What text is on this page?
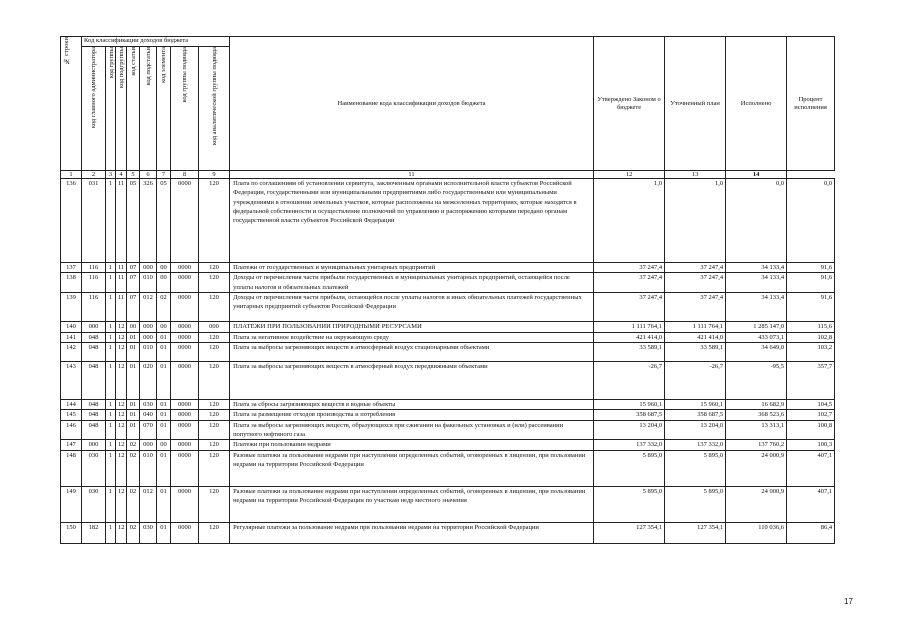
№ строки	Код классификации доходов бюджета								Наименование кода классификации доходов бюджета	Утверждено Законом о бюджете	Уточненный план	Исполнено	Процент исполнения
	код главного администратора	код группы	код подгруппы	код статьи	код подстатьи	код элемента	код группы подвида	код аналитической группы подвида					
1	2	3	4	5	6	7	8	9	11	12	13	14	
136	031	1	11	05	326	05	0000	120	Плата по соглашениям об установлении сервитута, заключенным органами исполнительной власти субъектов Российской Федерации, государственными или муниципальными предприятиями либо государственными или муниципальными учреждениями в отношении земельных участков, которые расположены на межселенных территориях, которые находятся в федеральной собственности и осуществление полномочий по управлению и распоряжению которыми передано органам государственной власти субъектов Российской Федерации	1,0	1,0	0,0	0,0
137	116	1	11	07	000	00	0000	120	Платежи от государственных и муниципальных унитарных предприятий	37 247,4	37 247,4	34 133,4	91,6
138	116	1	11	07	010	00	0000	120	Доходы от перечисления части прибыли государственных и муниципальных унитарных предприятий, остающейся после уплаты налогов и обязательных платежей	37 247,4	37 247,4	34 133,4	91,6
139	116	1	11	07	012	02	0000	120	Доходы от перечисления части прибыли, остающейся после уплаты налогов и иных обязательных платежей государственных унитарных предприятий субъектов Российской Федерации	37 247,4	37 247,4	34 133,4	91,6
140	000	1	12	00	000	00	0000	000	ПЛАТЕЖИ ПРИ ПОЛЬЗОВАНИИ ПРИРОДНЫМИ РЕСУРСАМИ	1 111 764,1	1 111 764,1	1 285 147,0	115,6
141	048	1	12	01	000	01	0000	120	Плата за негативное воздействие на окружающую среду	421 414,0	421 414,0	433 073,1	102,8
142	048	1	12	01	010	01	0000	120	Плата за выбросы загрязняющих веществ в атмосферный воздух стационарными объектами	33 589,1	33 589,1	34 649,0	103,2
143	048	1	12	01	020	01	0000	120	Плата за выбросы загрязняющих веществ в атмосферный воздух передвижными объектами	-26,7	-26,7	-95,5	357,7
144	048	1	12	01	030	01	0000	120	Плата за сбросы загрязняющих веществ в водные объекты	15 960,1	15 960,1	16 682,9	104,5
145	048	1	12	01	040	01	0000	120	Плата за размещение отходов производства и потребления	358 687,5	358 687,5	368 523,6	102,7
146	048	1	12	01	070	01	0000	120	Плата за выбросы загрязняющих веществ, образующихся при сжигании на факельных установках и (или) рассеивании попутного нефтяного газа	13 204,0	13 204,0	13 313,1	100,8
147	000	1	12	02	000	00	0000	120	Платежи при пользовании недрами	137 332,0	137 332,0	137 760,2	100,3
148	030	1	12	02	010	01	0000	120	Разовые платежи за пользование недрами при наступлении определенных событий, оговоренных в лицензии, при пользовании недрами на территории Российской Федерации	5 895,0	5 895,0	24 000,9	407,1
149	030	1	12	02	012	01	0000	120	Разовые платежи за пользование недрами при наступлении определенных событий, оговоренных в лицензии, при пользовании недрами на территории Российской Федерации по участкам недр местного значения	5 895,0	5 895,0	24 000,9	407,1
150	182	1	12	02	030	01	0000	120	Регулярные платежи за пользование недрами при пользовании недрами на территории Российской Федерации	127 354,1	127 354,1	110 036,6	86,4
17
